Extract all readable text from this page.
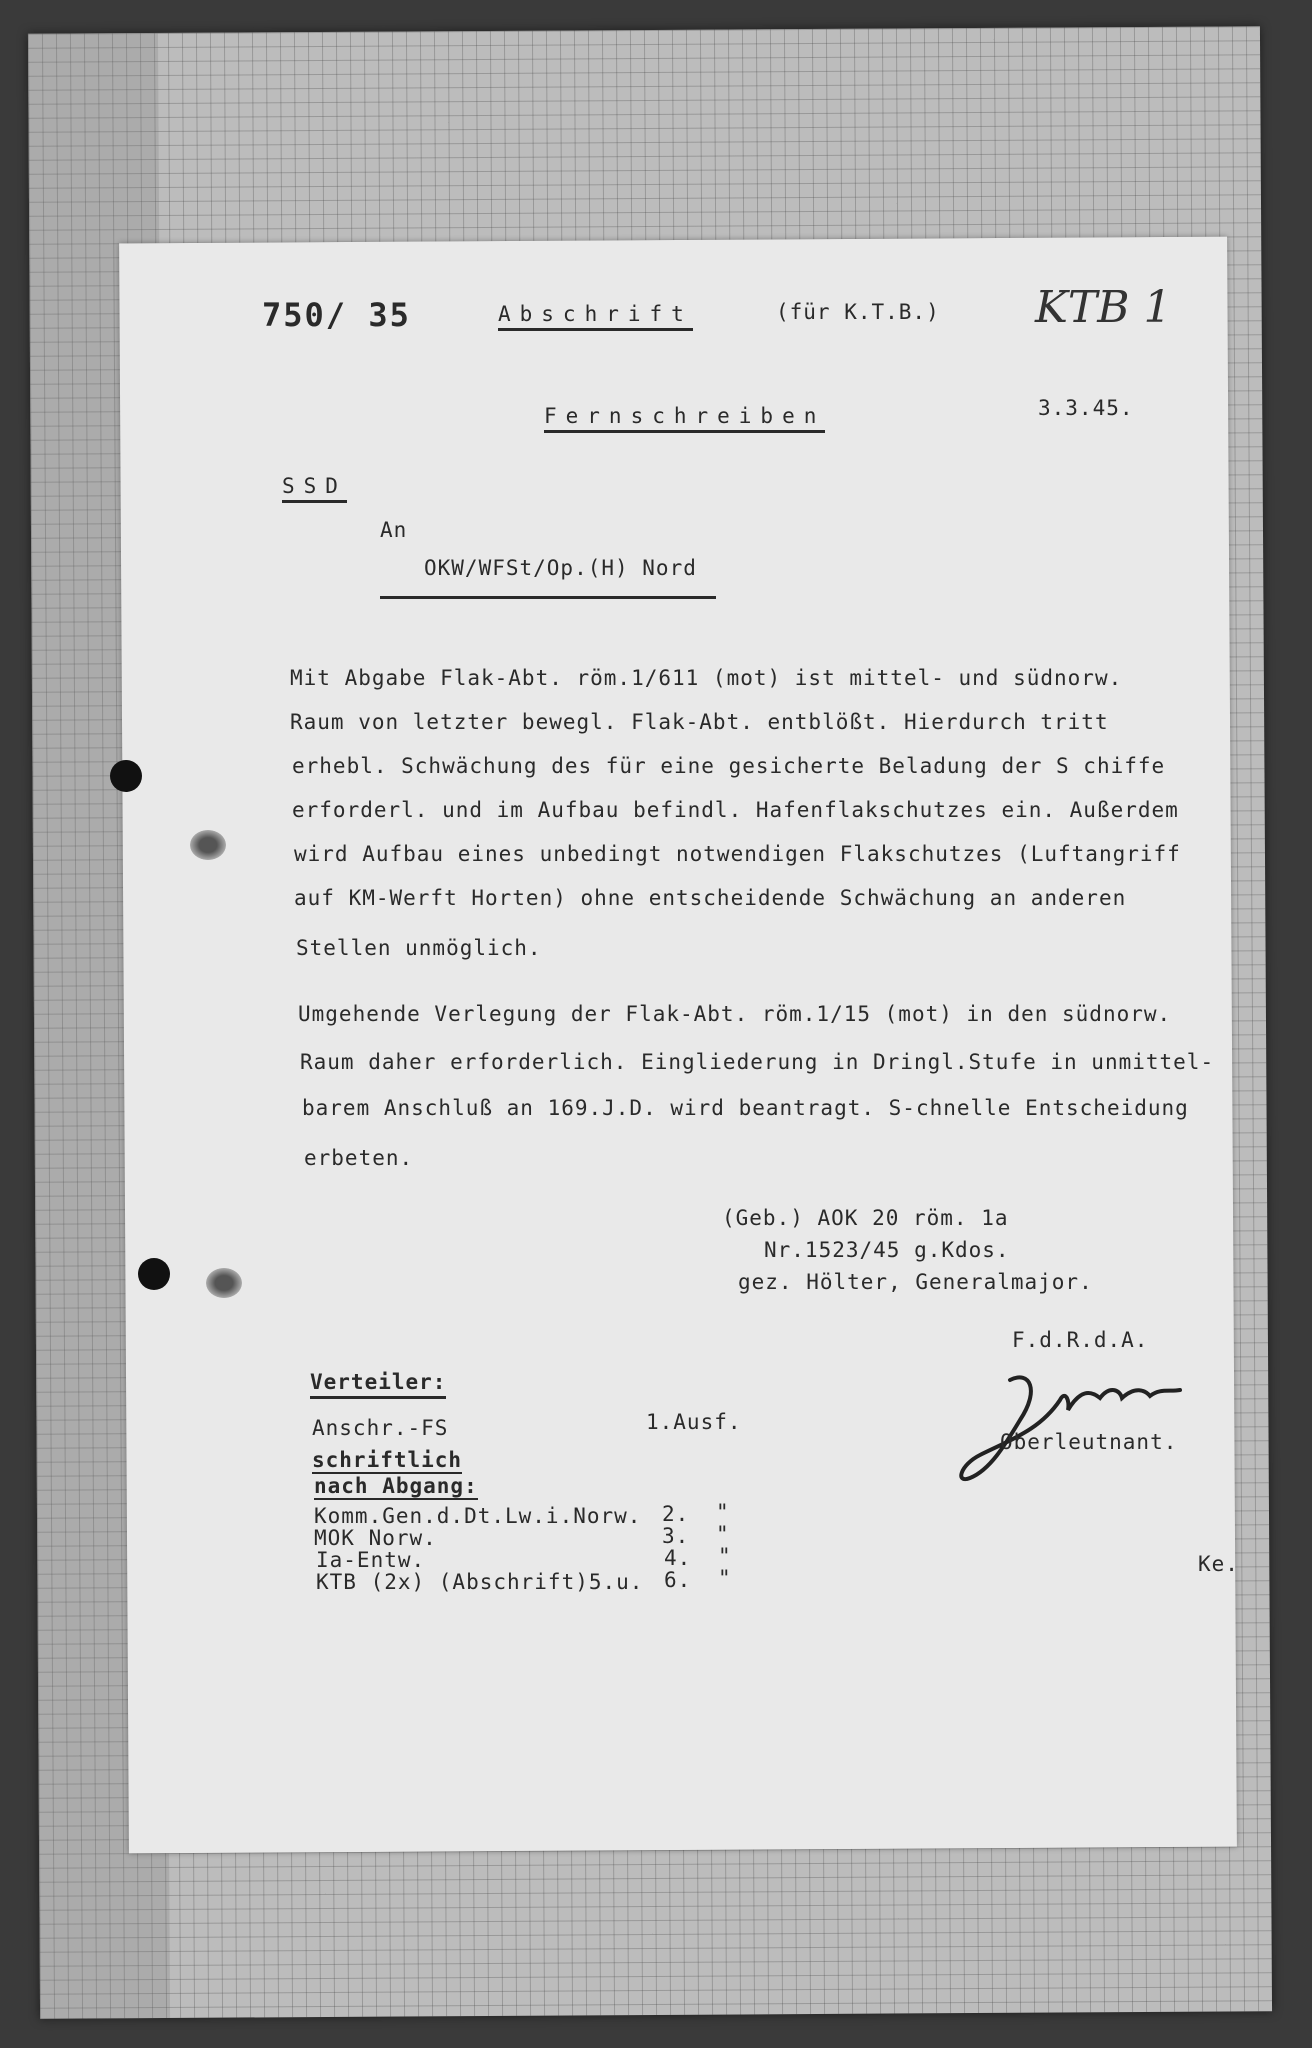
750/ 35	Abschrift	(für K.T.B.) KTB 1
Fernschreiben	3.3.45.
SSD
An
OKW/WFSt/Op.(H) Nord
Mit Abgabe Flak-Abt. röm.1/611 (mot) ist mittel- und südnorw.
Raum von letzter bewegl. Flak-Abt. entblößt. Hierdurch tritt
erhebl. Schwächung des für eine gesicherte Beladung der S chiffe
erforderl. und im Aufbau befindl. Hafenflakschutzes ein. Außerdem
wird Aufbau eines unbedingt notwendigen Flakschutzes (Luftangriff
auf KM-Werft Horten) ohne entscheidende Schwächung an anderen
Stellen unmöglich.
Umgehende Verlegung der Flak-Abt. röm.1/15 (mot) in den südnorw.
Raum daher erforderlich. Eingliederung in Dringl.Stufe in unmittel-
barem Anschluß an 169.J.D. wird beantragt. S-chnelle Entscheidung
erbeten.
(Geb.) AOK 20 röm. 1a
Nr.1523/45 g.Kdos.
gez. Hölter, Generalmajor.
F.d.R.d.A.
Oberleutnant.
Verteiler:
Anschr.-FS	1.Ausf.
schriftlich
nach Abgang:
Komm.Gen.d.Dt.Lw.i.Norw. 2. "
MOK Norw.	3. "
Ia-Entw.	4. "
KTB (2x) (Abschrift)5.u. 6. "
Ke.
